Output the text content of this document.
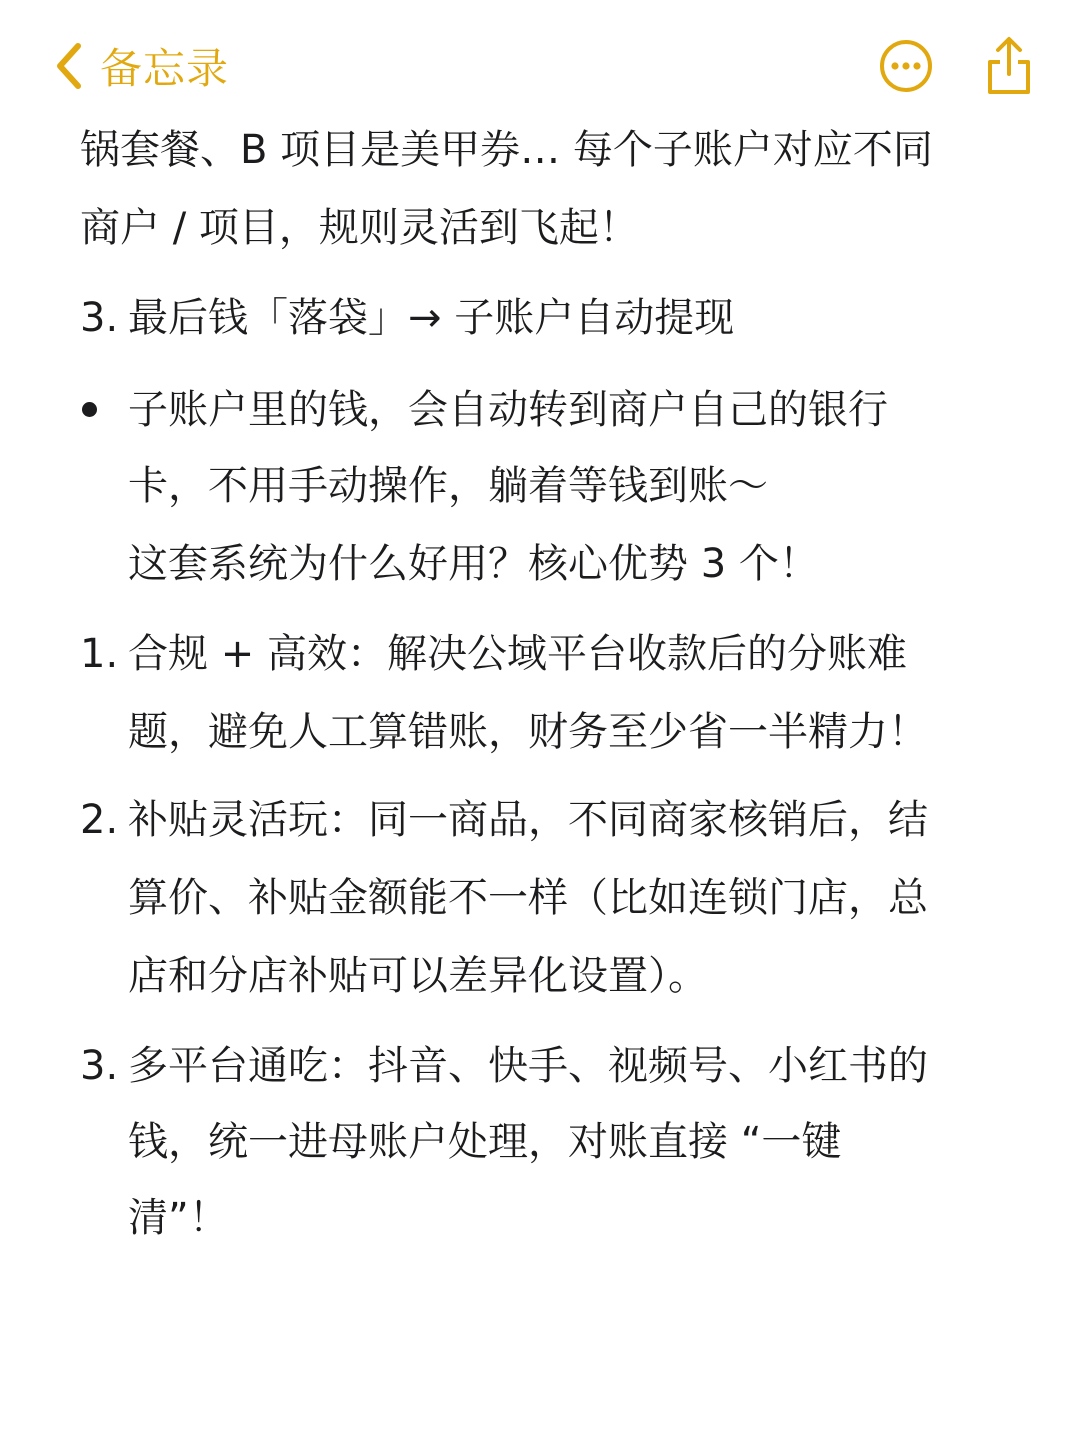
备忘录
锅套餐、B 项目是美甲券… 每个子账户对应不同
商户 / 项目，规则灵活到飞起！
3. 最后钱「落袋」→ 子账户自动提现
子账户里的钱，会自动转到商户自己的银行
卡，不用手动操作，躺着等钱到账～
这套系统为什么好用？核心优势 3 个！
1. 合规 + 高效：解决公域平台收款后的分账难
题，避免人工算错账，财务至少省一半精力！
2. 补贴灵活玩：同一商品，不同商家核销后，结
算价、补贴金额能不一样（比如连锁门店，总
店和分店补贴可以差异化设置）。
3. 多平台通吃：抖音、快手、视频号、小红书的
钱，统一进母账户处理，对账直接 “一键
清”！
